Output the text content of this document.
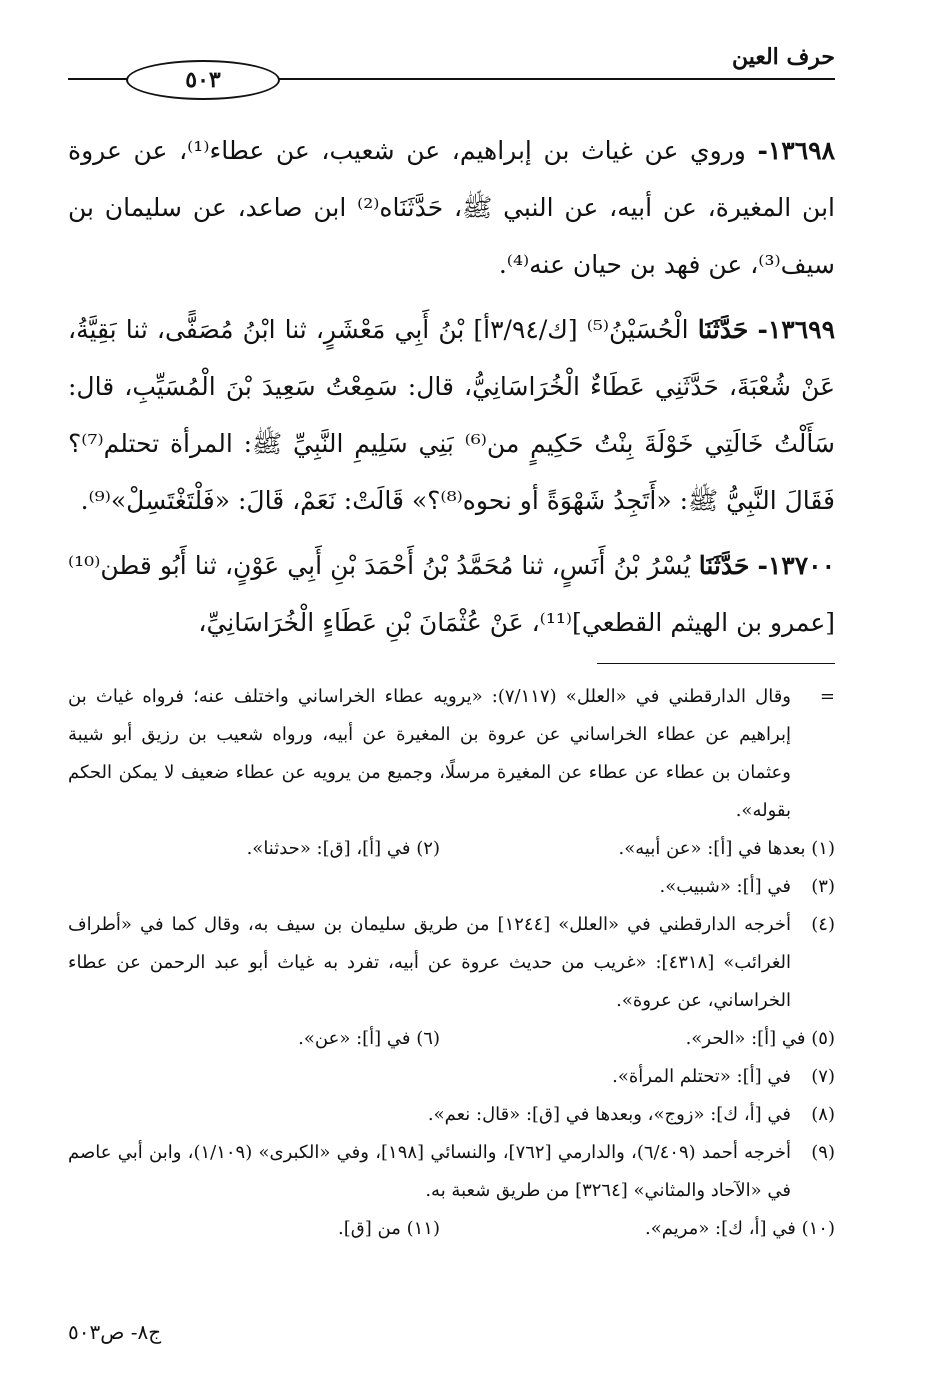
٥٠٣
حرف العين

١٣٦٩٨- وروي عن غياث بن إبراهيم، عن شعيب، عن عطاء⁽¹⁾، عن عروة ابن المغيرة، عن أبيه، عن النبي ﷺ، حَدَّثَنَاه⁽²⁾ ابن صاعد، عن سليمان بن سيف⁽³⁾، عن فهد بن حيان عنه⁽⁴⁾.

١٣٦٩٩- حَدَّثَنَا الْحُسَيْنُ⁽⁵⁾ [ك/٣/٩٤أ] بْنُ أَبِي مَعْشَرٍ، ثنا ابْنُ مُصَفًّى، ثنا بَقِيَّةُ، عَنْ شُعْبَةَ، حَدَّثَنِي عَطَاءٌ الْخُرَاسَانِيُّ، قال: سَمِعْتُ سَعِيدَ بْنَ الْمُسَيِّبِ، قال: سَأَلْتُ خَالَتِي خَوْلَةَ بِنْتُ حَكِيمٍ من⁽⁶⁾ بَنِي سَلِيمِ النَّبِيِّ ﷺ: المرأة تحتلم⁽⁷⁾؟ فَقَالَ النَّبِيُّ ﷺ: «أَتَجِدُ شَهْوَةً أو نحوه⁽⁸⁾؟» قَالَتْ: نَعَمْ، قَالَ: «فَلْتَغْتَسِلْ»⁽⁹⁾.

١٣٧٠٠- حَدَّثَنَا يُسْرُ بْنُ أَنَسٍ، ثنا مُحَمَّدُ بْنُ أَحْمَدَ بْنِ أَبِي عَوْنٍ، ثنا أَبُو قطن⁽¹⁰⁾ [عمرو بن الهيثم القطعي]⁽¹¹⁾، عَنْ عُثْمَانَ بْنِ عَطَاءٍ الْخُرَاسَانِيِّ،

=
وقال الدارقطني في «العلل» (٧/١١٧): «يرويه عطاء الخراساني واختلف عنه؛ فرواه غياث بن إبراهيم عن عطاء الخراساني عن عروة بن المغيرة عن أبيه، ورواه شعيب بن رزيق أبو شيبة وعثمان بن عطاء عن عطاء عن المغيرة مرسلًا، وجميع من يرويه عن عطاء ضعيف لا يمكن الحكم بقوله».
(١) بعدها في [أ]: «عن أبيه».
(٢) في [أ]، [ق]: «حدثنا».
(٣)
في [أ]: «شبيب».
(٤)
أخرجه الدارقطني في «العلل» [١٢٤٤] من طريق سليمان بن سيف به، وقال كما في «أطراف الغرائب» [٤٣١٨]: «غريب من حديث عروة عن أبيه، تفرد به غياث أبو عبد الرحمن عن عطاء الخراساني، عن عروة».
(٥) في [أ]: «الحر».
(٦) في [أ]: «عن».
(٧)
في [أ]: «تحتلم المرأة».
(٨)
في [أ، ك]: «زوج»، وبعدها في [ق]: «قال: نعم».
(٩)
أخرجه أحمد (٦/٤٠٩)، والدارمي [٧٦٢]، والنسائي [١٩٨]، وفي «الكبرى» (١/١٠٩)، وابن أبي عاصم في «الآحاد والمثاني» [٣٢٦٤] من طريق شعبة به.
(١٠) في [أ، ك]: «مريم».
(١١) من [ق].
ج٨- ص٥٠٣
